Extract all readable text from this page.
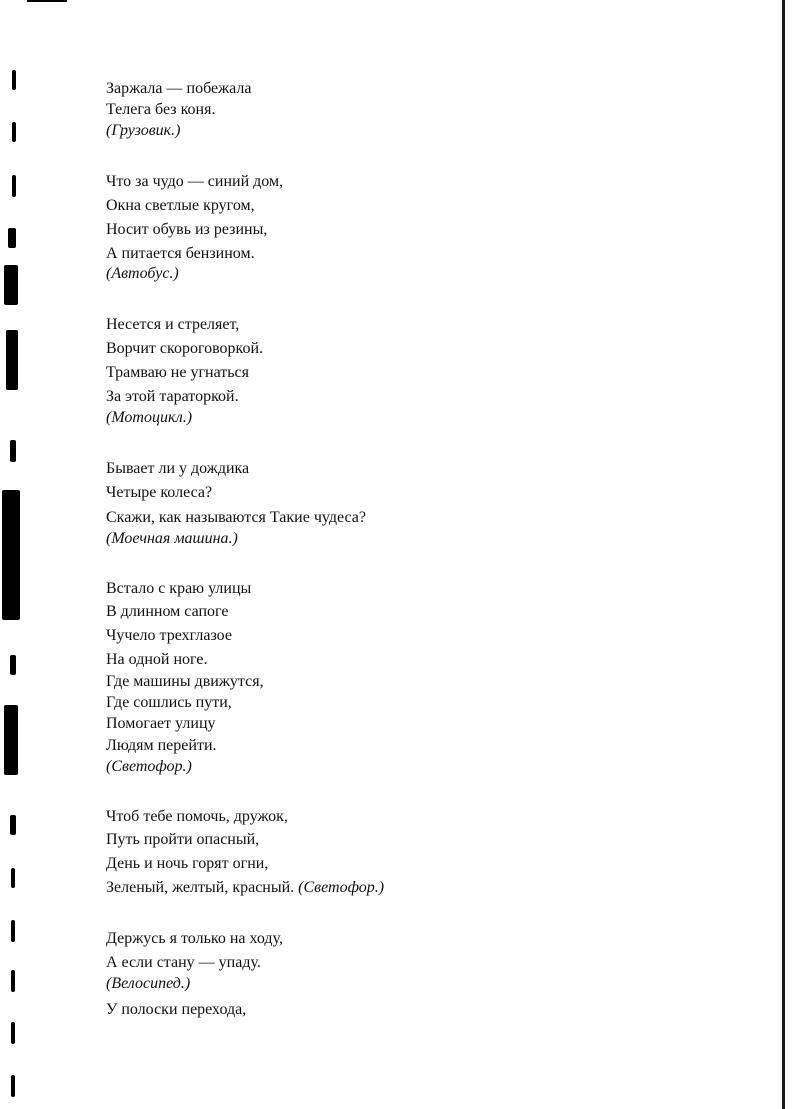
Заржала — побежала
Телега без коня.
(Грузовик.)
Что за чудо — синий дом,
Окна светлые кругом,
Носит обувь из резины,
А питается бензином.
(Автобус.)
Несется и стреляет,
Ворчит скороговоркой.
Трамваю не угнаться
За этой тараторкой.
(Мотоцикл.)
Бывает ли у дождика
Четыре колеса?
Скажи, как называются Такие чудеса?
(Моечная машина.)
Встало с краю улицы
В длинном сапоге
Чучело трехглазое
На одной ноге.
Где машины движутся,
Где сошлись пути,
Помогает улицу
Людям перейти.
(Светофор.)
Чтоб тебе помочь, дружок,
Путь пройти опасный,
День и ночь горят огни,
Зеленый, желтый, красный. (Светофор.)
Держусь я только на ходу,
А если стану — упаду.
(Велосипед.)
У полоски перехода,
